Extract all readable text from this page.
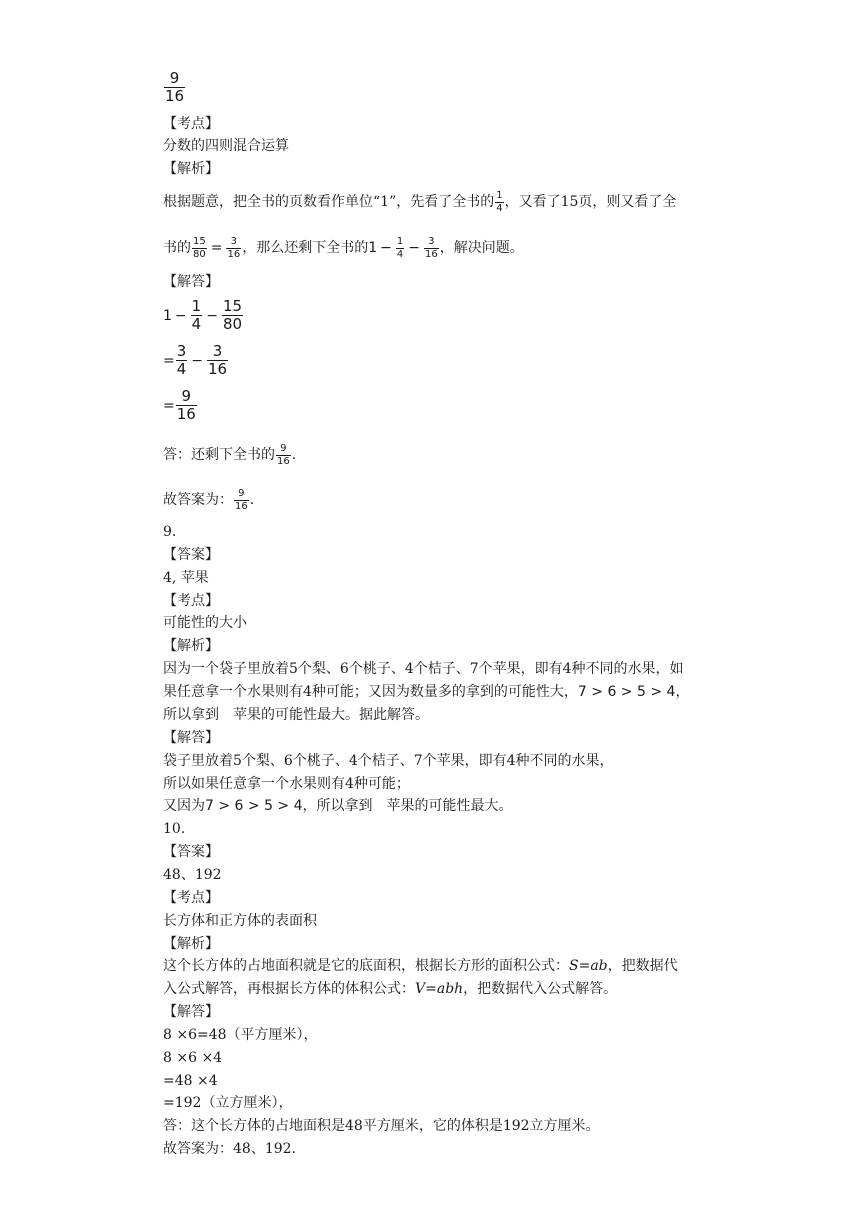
$\frac{9}{16}$
【考点】
分数的四则混合运算
【解析】
根据题意，把全书的页数看作单位“1”，先看了全书的 $\frac{1}{4}$ ，又看了15页，则又看了全
书的 $\frac{15}{80} = \frac{3}{16}$ ，那么还剩下全书的$1 - \frac{1}{4} - \frac{3}{16}$ ，解决问题。
【解答】
$1 - \frac{1}{4} - \frac{15}{80}$
= $\frac{3}{4} - \frac{3}{16}$
= $\frac{9}{16}$
答：还剩下全书的 $\frac{9}{16}$ .
故答案为： $\frac{9}{16}$ .
9.
【答案】
4, 苹果
【考点】
可能性的大小
【解析】
因为一个袋子里放着5个梨、6个桃子、4个桔子、7个苹果，即有4种不同的水果，如
果任意拿一个水果则有4种可能；又因为数量多的拿到的可能性大，7 > 6 > 5 > 4，
所以拿到　苹果的可能性最大。据此解答。
【解答】
袋子里放着5个梨、6个桃子、4个桔子、7个苹果，即有4种不同的水果，
所以如果任意拿一个水果则有4种可能；
又因为7 > 6 > 5 > 4，所以拿到　苹果的可能性最大。
10.
【答案】
48、192
【考点】
长方体和正方体的表面积
【解析】
这个长方体的占地面积就是它的底面积，根据长方形的面积公式：S=ab，把数据代
入公式解答，再根据长方体的体积公式：V=abh，把数据代入公式解答。
【解答】
8 ×6=48（平方厘米），
8 ×6 ×4
=48 ×4
=192（立方厘米），
答：这个长方体的占地面积是48平方厘米，它的体积是192立方厘米。
故答案为：48、192.
